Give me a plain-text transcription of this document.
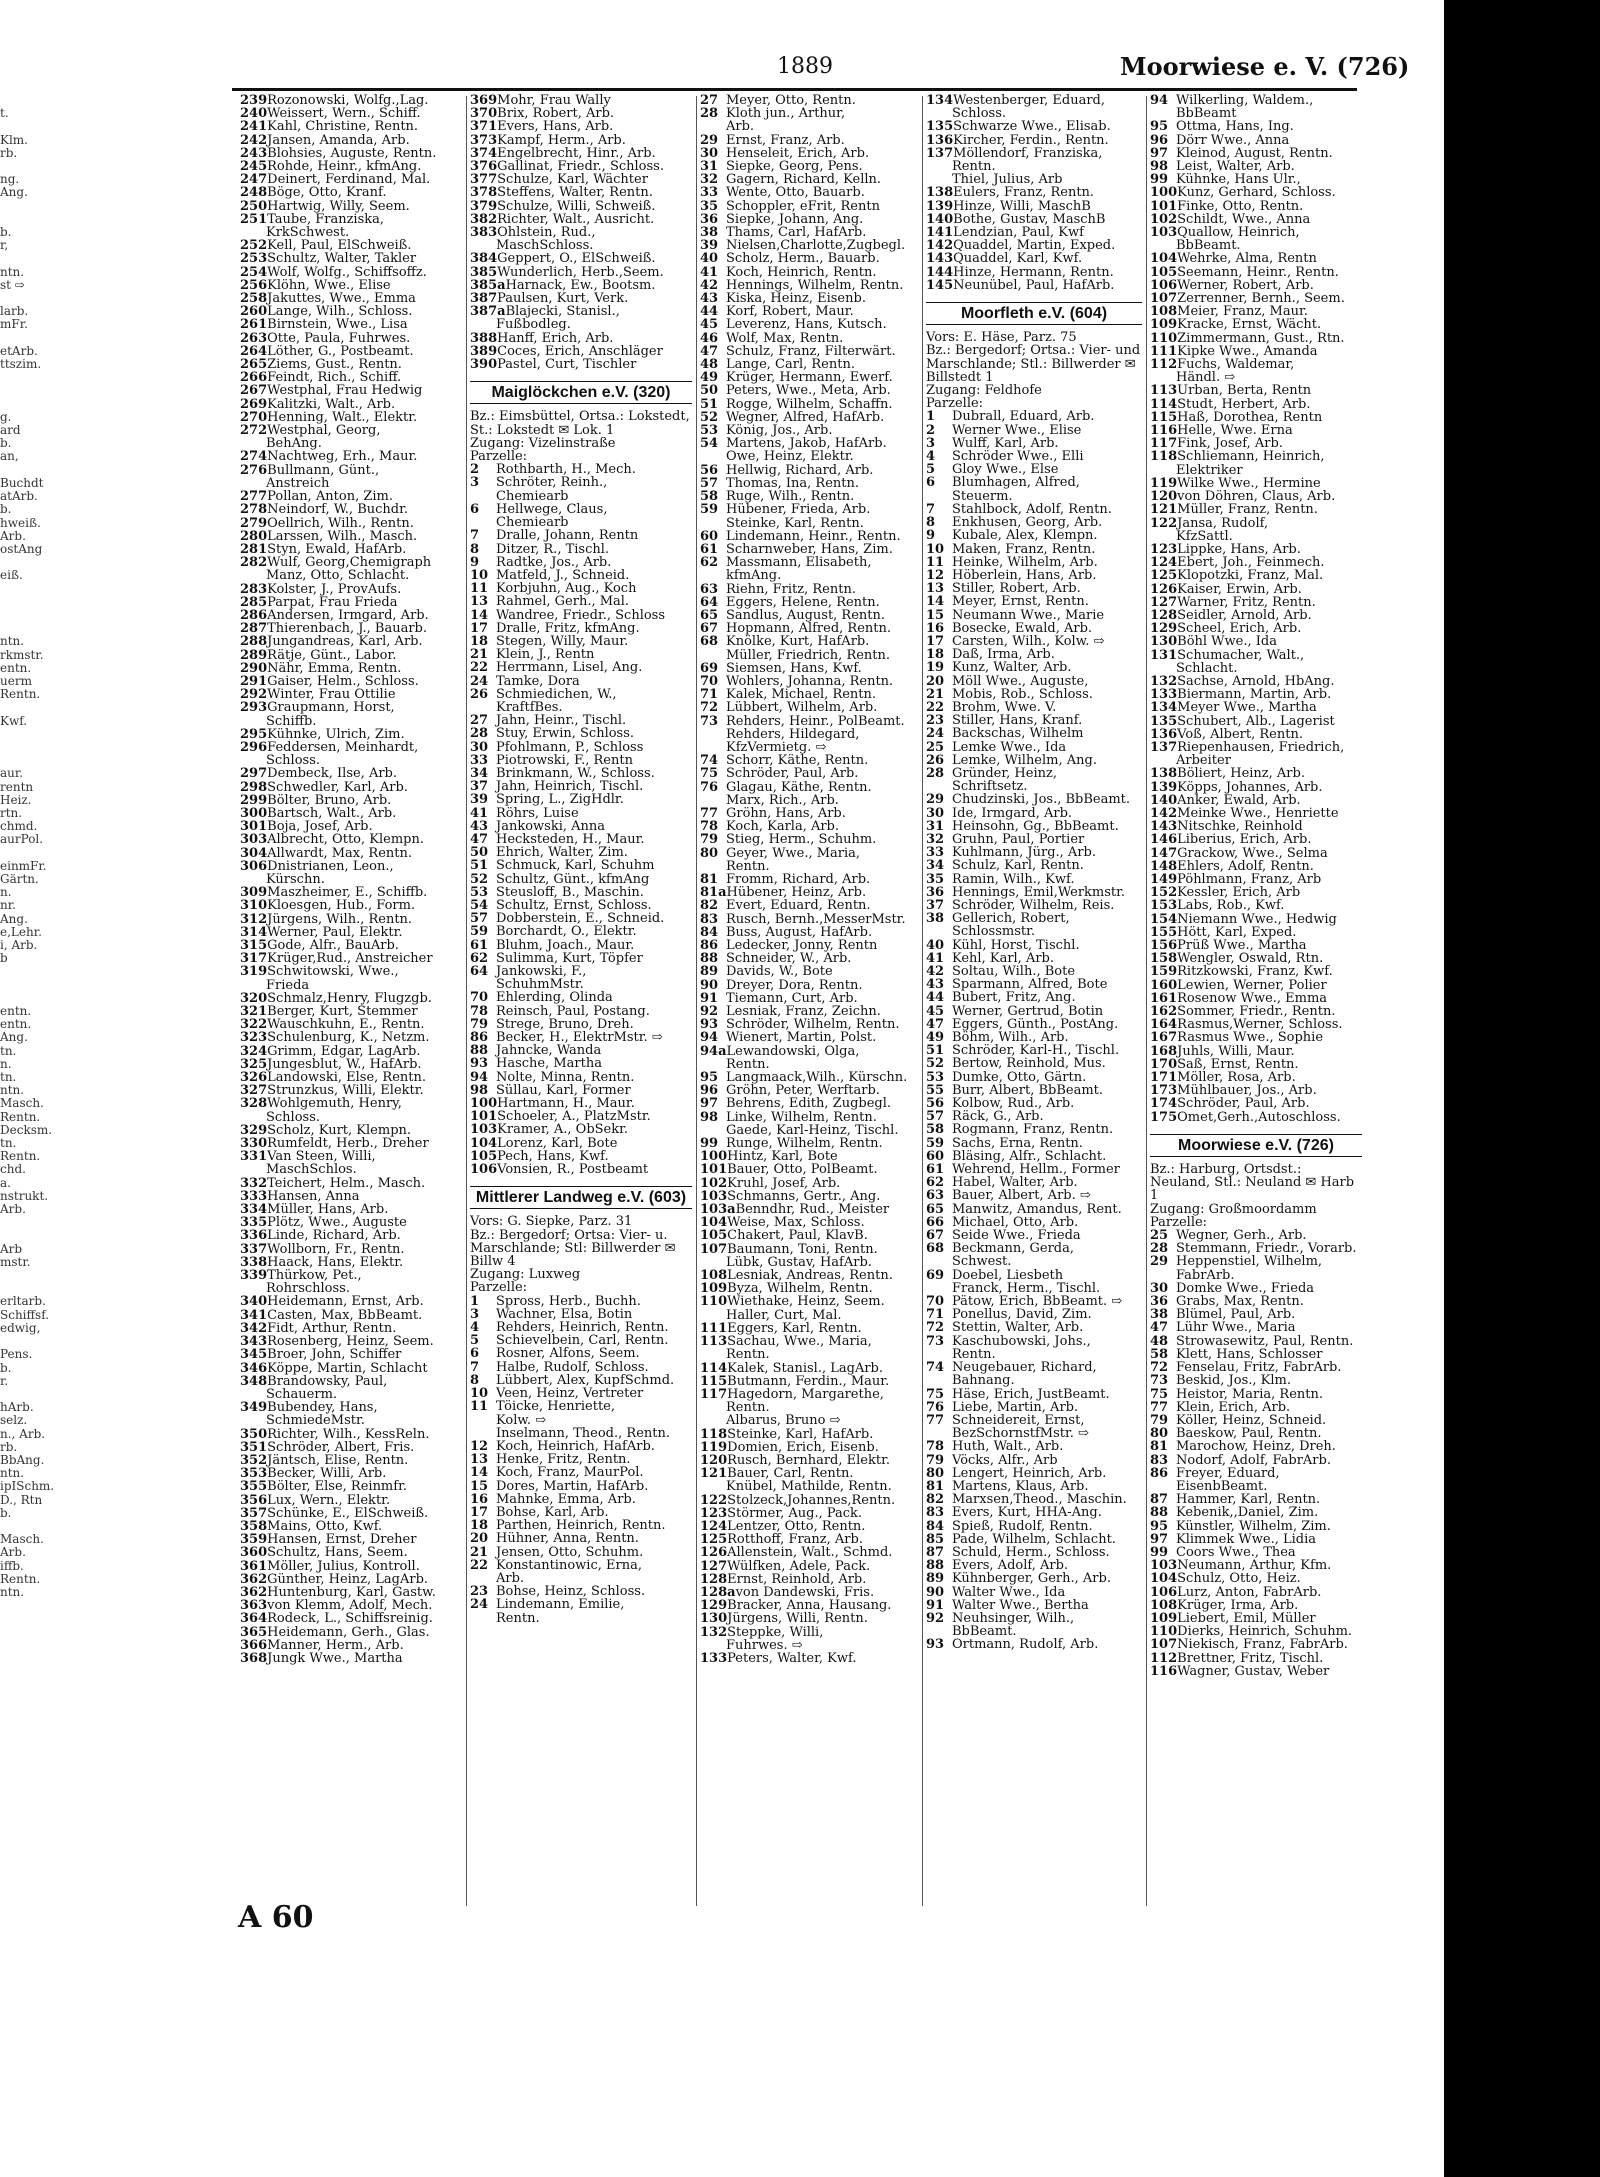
1889	Moorwiese e. V. (726)

t.

Klm.
rb.

ng.
Ang.

b.
r,

ntn.
st ⇨

larb.
mFr.

etArb.
ttszim.

g.
ard
b.
an,

Buchdt
atArb.
b.
hweiß.
Arb.
ostAng

eiß.

ntn.
rkmstr.
entn.
uerm
Rentn.

Kwf.

aur.
rentn
Heiz.
rtn.
chmd.
aurPol.

einmFr.
Gärtn.
n.
nr.
Ang.
e,Lehr.
i, Arb.
b

entn.
entn.
Ang.
tn.
n.
tn.
ntn.
Masch.
Rentn.
Decksm.
tn.
Rentn.
chd.
a.
nstrukt.
Arb.

Arb
mstr.

erltarb.
Schiffsf.
edwig,

Pens.
b.
r.

hArb.
selz.
n., Arb.
rb.
BbAng.
ntn.
ipISchm.
D., Rtn
b.

Masch.
Arb.
iffb.
Rentn.
ntn.
239Rozonowski, Wolfg.,Lag.
240Weissert, Wern., Schiff.
241Kahl, Christine, Rentn.
242Jansen, Amanda, Arb.
243Blohsies, Auguste, Rentn.
245Rohde, Heinr., kfmAng.
247Deinert, Ferdinand, Mal.
248Böge, Otto, Kranf.
250Hartwig, Willy, Seem.
251Taube, Franziska,
KrkSchwest.
252Kell, Paul, ElSchweiß.
253Schultz, Walter, Takler
254Wolf, Wolfg., Schiffsoffz.
256Klöhn, Wwe., Elise
258Jakuttes, Wwe., Emma
260Lange, Wilh., Schloss.
261Birnstein, Wwe., Lisa
263Otte, Paula, Fuhrwes.
264Löther, G., Postbeamt.
265Ziems, Gust., Rentn.
266Feindt, Rich., Schiff.
267Westphal, Frau Hedwig
269Kalitzki, Walt., Arb.
270Henning, Walt., Elektr.
272Westphal, Georg,
BehAng.
274Nachtweg, Erh., Maur.
276Bullmann, Günt.,
Anstreich
277Pollan, Anton, Zim.
278Neindorf, W., Buchdr.
279Oellrich, Wilh., Rentn.
280Larssen, Wilh., Masch.
281Styn, Ewald, HafArb.
282Wulf, Georg,Chemigraph
Manz, Otto, Schlacht.
283Kolster, J., ProvAufs.
285Parpat, Frau Frieda
286Andersen, Irmgard, Arb.
287Thierenbach, J., Bauarb.
288Jungandreas, Karl, Arb.
289Rätje, Günt., Labor.
290Nähr, Emma, Rentn.
291Gaiser, Helm., Schloss.
292Winter, Frau Ottilie
293Graupmann, Horst,
Schiffb.
295Kühnke, Ulrich, Zim.
296Feddersen, Meinhardt,
Schloss.
297Dembeck, Ilse, Arb.
298Schwedler, Karl, Arb.
299Bölter, Bruno, Arb.
300Bartsch, Walt., Arb.
301Boja, Josef, Arb.
303Albrecht, Otto, Klempn.
304Allwardt, Max, Rentn.
306Dnistrianen, Leon.,
Kürschn.
309Maszheimer, E., Schiffb.
310Kloesgen, Hub., Form.
312Jürgens, Wilh., Rentn.
314Werner, Paul, Elektr.
315Gode, Alfr., BauArb.
317Krüger,Rud., Anstreicher
319Schwitowski, Wwe.,
Frieda
320Schmalz,Henry, Flugzgb.
321Berger, Kurt, Stemmer
322Wauschkuhn, E., Rentn.
323Schulenburg, K., Netzm.
324Grimm, Edgar, LagArb.
325Jungesblut, W., HafArb.
326Landowski, Else, Rentn.
327Strunzkus, Willi, Elektr.
328Wohlgemuth, Henry,
Schloss.
329Scholz, Kurt, Klempn.
330Rumfeldt, Herb., Dreher
331Van Steen, Willi,
MaschSchlos.
332Teichert, Helm., Masch.
333Hansen, Anna
334Müller, Hans, Arb.
335Plötz, Wwe., Auguste
336Linde, Richard, Arb.
337Wollborn, Fr., Rentn.
338Haack, Hans, Elektr.
339Thürkow, Pet.,
Rohrschloss.
340Heidemann, Ernst, Arb.
341Casten, Max, BbBeamt.
342Fidt, Arthur, Rentn.
343Rosenberg, Heinz, Seem.
345Broer, John, Schiffer
346Köppe, Martin, Schlacht
348Brandowsky, Paul,
Schauerm.
349Bubendey, Hans,
SchmiedeMstr.
350Richter, Wilh., KessReln.
351Schröder, Albert, Fris.
352Jäntsch, Elise, Rentn.
353Becker, Willi, Arb.
355Bölter, Else, Reinmfr.
356Lux, Wern., Elektr.
357Schünke, E., ElSchweiß.
358Mains, Otto, Kwf.
359Hansen, Ernst, Dreher
360Schultz, Hans, Seem.
361Möller, Julius, Kontroll.
362Günther, Heinz, LagArb.
362Huntenburg, Karl, Gastw.
363von Klemm, Adolf, Mech.
364Rodeck, L., Schiffsreinig.
365Heidemann, Gerh., Glas.
366Manner, Herm., Arb.
368Jungk Wwe., Martha
369Mohr, Frau Wally
370Brix, Robert, Arb.
371Evers, Hans, Arb.
373Kampf, Herm., Arb.
374Engelbrecht, Hinr., Arb.
376Gallinat, Friedr., Schloss.
377Schulze, Karl, Wächter
378Steffens, Walter, Rentn.
379Schulze, Willi, Schweiß.
382Richter, Walt., Ausricht.
383Ohlstein, Rud.,
MaschSchloss.
384Geppert, O., ElSchweiß.
385Wunderlich, Herb.,Seem.
385aHarnack, Ew., Bootsm.
387Paulsen, Kurt, Verk.
387aBlajecki, Stanisl.,
Fußbodleg.
388Hanff, Erich, Arb.
389Coces, Erich, Anschläger
390Pastel, Curt, Tischler
Maiglöckchen e.V. (320)
Bz.: Eimsbüttel, Ortsa.: Lokstedt, St.: Lokstedt ✉ Lok. 1
Zugang: Vizelinstraße
Parzelle:
2 Rothbarth, H., Mech.
3 Schröter, Reinh.,
Chemiearb
6 Hellwege, Claus,
Chemiearb
7 Dralle, Johann, Rentn
8 Ditzer, R., Tischl.
9 Radtke, Jos., Arb.
10 Matfeld, J., Schneid.
11 Korbjuhn, Aug., Koch
13 Rahmel, Gerh., Mal.
14 Wandree, Friedr., Schloss
17 Dralle, Fritz, kfmAng.
18 Stegen, Willy, Maur.
21 Klein, J., Rentn
22 Herrmann, Lisel, Ang.
24 Tamke, Dora
26 Schmiedichen, W.,
KraftfBes.
27 Jahn, Heinr., Tischl.
28 Stuy, Erwin, Schloss.
30 Pfohlmann, P., Schloss
33 Piotrowski, F., Rentn
34 Brinkmann, W., Schloss.
37 Jahn, Heinrich, Tischl.
39 Spring, L., ZigHdlr.
41 Röhrs, Luise
43 Jankowski, Anna
47 Hecksteden, H., Maur.
50 Ehrich, Walter, Zim.
51 Schmuck, Karl, Schuhm
52 Schultz, Günt., kfmAng
53 Steusloff, B., Maschin.
54 Schultz, Ernst, Schloss.
57 Dobberstein, E., Schneid.
59 Borchardt, O., Elektr.
61 Bluhm, Joach., Maur.
62 Sulimma, Kurt, Töpfer
64 Jankowski, F.,
SchuhmMstr.
70 Ehlerding, Olinda
78 Reinsch, Paul, Postang.
79 Strege, Bruno, Dreh.
86 Becker, H., ElektrMstr. ⇨
88 Jahncke, Wanda
93 Hasche, Martha
94 Nolte, Minna, Rentn.
98 Süllau, Karl, Former
100Hartmann, H., Maur.
101Schoeler, A., PlatzMstr.
103Kramer, A., ObSekr.
104Lorenz, Karl, Bote
105Pech, Hans, Kwf.
106Vonsien, R., Postbeamt
Mittlerer Landweg e.V. (603)
Vors: G. Siepke, Parz. 31
Bz.: Bergedorf; Ortsa: Vier- u. Marschlande; Stl: Billwerder ✉ Billw 4
Zugang: Luxweg
Parzelle:
1 Spross, Herb., Buchh.
3 Wachner, Elsa, Botin
4 Rehders, Heinrich, Rentn.
5 Schievelbein, Carl, Rentn.
6 Rosner, Alfons, Seem.
7 Halbe, Rudolf, Schloss.
8 Lübbert, Alex, KupfSchmd.
10 Veen, Heinz, Vertreter
11 Töicke, Henriette,
Kolw. ⇨
Inselmann, Theod., Rentn.
12 Koch, Heinrich, HafArb.
13 Henke, Fritz, Rentn.
14 Koch, Franz, MaurPol.
15 Dores, Martin, HafArb.
16 Mahnke, Emma, Arb.
17 Bohse, Karl, Arb.
18 Parthen, Heinrich, Rentn.
20 Hühner, Anna, Rentn.
21 Jensen, Otto, Schuhm.
22 Konstantinowic, Erna,
Arb.
23 Bohse, Heinz, Schloss.
24 Lindemann, Emilie,
Rentn.
27 Meyer, Otto, Rentn.
28 Kloth jun., Arthur,
Arb.
29 Ernst, Franz, Arb.
30 Henseleit, Erich, Arb.
31 Siepke, Georg, Pens.
32 Gagern, Richard, Kelln.
33 Wente, Otto, Bauarb.
35 Schoppler, eFrit, Rentn
36 Siepke, Johann, Ang.
38 Thams, Carl, HafArb.
39 Nielsen,Charlotte,Zugbegl.
40 Scholz, Herm., Bauarb.
41 Koch, Heinrich, Rentn.
42 Hennings, Wilhelm, Rentn.
43 Kiska, Heinz, Eisenb.
44 Korf, Robert, Maur.
45 Leverenz, Hans, Kutsch.
46 Wolf, Max, Rentn.
47 Schulz, Franz, Filterwärt.
48 Lange, Carl, Rentn.
49 Krüger, Hermann, Ewerf.
50 Peters, Wwe., Meta, Arb.
51 Rogge, Wilhelm, Schaffn.
52 Wegner, Alfred, HafArb.
53 König, Jos., Arb.
54 Martens, Jakob, HafArb.
Owe, Heinz, Elektr.
56 Hellwig, Richard, Arb.
57 Thomas, Ina, Rentn.
58 Ruge, Wilh., Rentn.
59 Hübener, Frieda, Arb.
Steinke, Karl, Rentn.
60 Lindemann, Heinr., Rentn.
61 Scharnweber, Hans, Zim.
62 Massmann, Elisabeth,
kfmAng.
63 Riehn, Fritz, Rentn.
64 Eggers, Helene, Rentn.
65 Sandlus, August, Rentn.
67 Hopmann, Alfred, Rentn.
68 Knölke, Kurt, HafArb.
Müller, Friedrich, Rentn.
69 Siemsen, Hans, Kwf.
70 Wohlers, Johanna, Rentn.
71 Kalek, Michael, Rentn.
72 Lübbert, Wilhelm, Arb.
73 Rehders, Heinr., PolBeamt.
Rehders, Hildegard,
KfzVermietg. ⇨
74 Schorr, Käthe, Rentn.
75 Schröder, Paul, Arb.
76 Glagau, Käthe, Rentn.
Marx, Rich., Arb.
77 Gröhn, Hans, Arb.
78 Koch, Karla, Arb.
79 Stieg, Herm., Schuhm.
80 Geyer, Wwe., Maria,
Rentn.
81 Fromm, Richard, Arb.
81aHübener, Heinz, Arb.
82 Evert, Eduard, Rentn.
83 Rusch, Bernh.,MesserMstr.
84 Buss, August, HafArb.
86 Ledecker, Jonny, Rentn
88 Schneider, W., Arb.
89 Davids, W., Bote
90 Dreyer, Dora, Rentn.
91 Tiemann, Curt, Arb.
92 Lesniak, Franz, Zeichn.
93 Schröder, Wilhelm, Rentn.
94 Wienert, Martin, Polst.
94aLewandowski, Olga,
Rentn.
95 Langmaack,Wilh., Kürschn.
96 Gröhn, Peter, Werftarb.
97 Behrens, Edith, Zugbegl.
98 Linke, Wilhelm, Rentn.
Gaede, Karl-Heinz, Tischl.
99 Runge, Wilhelm, Rentn.
100Hintz, Karl, Bote
101Bauer, Otto, PolBeamt.
102Kruhl, Josef, Arb.
103Schmanns, Gertr., Ang.
103aBenndhr, Rud., Meister
104Weise, Max, Schloss.
105Chakert, Paul, KlavB.
107Baumann, Toni, Rentn.
Lübk, Gustav, HafArb.
108Lesniak, Andreas, Rentn.
109Byza, Wilhelm, Rentn.
110Wiethake, Heinz, Seem.
Haller, Curt, Mal.
111Eggers, Karl, Rentn.
113Sachau, Wwe., Maria,
Rentn.
114Kalek, Stanisl., LagArb.
115Butmann, Ferdin., Maur.
117Hagedorn, Margarethe,
Rentn.
Albarus, Bruno ⇨
118Steinke, Karl, HafArb.
119Domien, Erich, Eisenb.
120Rusch, Bernhard, Elektr.
121Bauer, Carl, Rentn.
Knübel, Mathilde, Rentn.
122Stolzeck,Johannes,Rentn.
123Störmer, Aug., Pack.
124Lentzer, Otto, Rentn.
125Rotthoff, Franz, Arb.
126Allenstein, Walt., Schmd.
127Wülfken, Adele, Pack.
128Ernst, Reinhold, Arb.
128avon Dandewski, Fris.
129Bracker, Anna, Hausang.
130Jürgens, Willi, Rentn.
132Steppke, Willi,
Fuhrwes. ⇨
133Peters, Walter, Kwf.
134Westenberger, Eduard,
Schloss.
135Schwarze Wwe., Elisab.
136Kircher, Ferdin., Rentn.
137Möllendorf, Franziska,
Rentn.
Thiel, Julius, Arb
138Eulers, Franz, Rentn.
139Hinze, Willi, MaschB
140Bothe, Gustav, MaschB
141Lendzian, Paul, Kwf
142Quaddel, Martin, Exped.
143Quaddel, Karl, Kwf.
144Hinze, Hermann, Rentn.
145Neunübel, Paul, HafArb.
Moorfleth e.V. (604)
Vors: E. Häse, Parz. 75
Bz.: Bergedorf; Ortsa.: Vier- und Marschlande; Stl.: Billwerder ✉ Billstedt 1
Zugang: Feldhofe
Parzelle:
1 Dubrall, Eduard, Arb.
2 Werner Wwe., Elise
3 Wulff, Karl, Arb.
4 Schröder Wwe., Elli
5 Gloy Wwe., Else
6 Blumhagen, Alfred,
Steuerm.
7 Stahlbock, Adolf, Rentn.
8 Enkhusen, Georg, Arb.
9 Kubale, Alex, Klempn.
10 Maken, Franz, Rentn.
11 Heinke, Wilhelm, Arb.
12 Höberlein, Hans, Arb.
13 Stiller, Robert, Arb.
14 Meyer, Ernst, Rentn.
15 Neumann Wwe., Marie
16 Bosecke, Ewald, Arb.
17 Carsten, Wilh., Kolw. ⇨
18 Daß, Irma, Arb.
19 Kunz, Walter, Arb.
20 Möll Wwe., Auguste,
21 Mobis, Rob., Schloss.
22 Brohm, Wwe. V.
23 Stiller, Hans, Kranf.
24 Backschas, Wilhelm
25 Lemke Wwe., Ida
26 Lemke, Wilhelm, Ang.
28 Gründer, Heinz,
Schriftsetz.
29 Chudzinski, Jos., BbBeamt.
30 Ide, Irmgard, Arb.
31 Heinsohn, Gg., BbBeamt.
32 Gruhn, Paul, Portier
33 Kuhlmann, Jürg., Arb.
34 Schulz, Karl, Rentn.
35 Ramin, Wilh., Kwf.
36 Hennings, Emil,Werkmstr.
37 Schröder, Wilhelm, Reis.
38 Gellerich, Robert,
Schlossmstr.
40 Kühl, Horst, Tischl.
41 Kehl, Karl, Arb.
42 Soltau, Wilh., Bote
43 Sparmann, Alfred, Bote
44 Bubert, Fritz, Ang.
45 Werner, Gertrud, Botin
47 Eggers, Günth., PostAng.
49 Böhm, Wilh., Arb.
51 Schröder, Karl-H., Tischl.
52 Bertow, Reinhold, Mus.
53 Dumke, Otto, Gärtn.
55 Burr, Albert, BbBeamt.
56 Kolbow, Rud., Arb.
57 Räck, G., Arb.
58 Rogmann, Franz, Rentn.
59 Sachs, Erna, Rentn.
60 Bläsing, Alfr., Schlacht.
61 Wehrend, Hellm., Former
62 Habel, Walter, Arb.
63 Bauer, Albert, Arb. ⇨
65 Manwitz, Amandus, Rent.
66 Michael, Otto, Arb.
67 Seide Wwe., Frieda
68 Beckmann, Gerda,
Schwest.
69 Doebel, Liesbeth
Franck, Herm., Tischl.
70 Pätow, Erich, BbBeamt. ⇨
71 Ponellus, David, Zim.
72 Stettin, Walter, Arb.
73 Kaschubowski, Johs.,
Rentn.
74 Neugebauer, Richard,
Bahnang.
75 Häse, Erich, JustBeamt.
76 Liebe, Martin, Arb.
77 Schneidereit, Ernst,
BezSchornstfMstr. ⇨
78 Huth, Walt., Arb.
79 Vöcks, Alfr., Arb
80 Lengert, Heinrich, Arb.
81 Martens, Klaus, Arb.
82 Marxsen,Theod., Maschin.
83 Evers, Kurt, HHA-Ang.
84 Spieß, Rudolf, Rentn.
85 Pade, Wilhelm, Schlacht.
87 Schuld, Herm., Schloss.
88 Evers, Adolf, Arb.
89 Kühnberger, Gerh., Arb.
90 Walter Wwe., Ida
91 Walter Wwe., Bertha
92 Neuhsinger, Wilh.,
BbBeamt.
93 Ortmann, Rudolf, Arb.
94 Wilkerling, Waldem.,
BbBeamt
95 Ottma, Hans, Ing.
96 Dörr Wwe., Anna
97 Kleinod, August, Rentn.
98 Leist, Walter, Arb.
99 Kühnke, Hans Ulr.,
100Kunz, Gerhard, Schloss.
101Finke, Otto, Rentn.
102Schildt, Wwe., Anna
103Quallow, Heinrich,
BbBeamt.
104Wehrke, Alma, Rentn
105Seemann, Heinr., Rentn.
106Werner, Robert, Arb.
107Zerrenner, Bernh., Seem.
108Meier, Franz, Maur.
109Kracke, Ernst, Wächt.
110Zimmermann, Gust., Rtn.
111Kipke Wwe., Amanda
112Fuchs, Waldemar,
Händl. ⇨
113Urban, Berta, Rentn
114Studt, Herbert, Arb.
115Haß, Dorothea, Rentn
116Helle, Wwe. Erna
117Fink, Josef, Arb.
118Schliemann, Heinrich,
Elektriker
119Wilke Wwe., Hermine
120von Döhren, Claus, Arb.
121Müller, Franz, Rentn.
122Jansa, Rudolf,
KfzSattl.
123Lippke, Hans, Arb.
124Ebert, Joh., Feinmech.
125Klopotzki, Franz, Mal.
126Kaiser, Erwin, Arb.
127Warner, Fritz, Rentn.
128Seidler, Arnold, Arb.
129Scheel, Erich, Arb.
130Böhl Wwe., Ida
131Schumacher, Walt.,
Schlacht.
132Sachse, Arnold, HbAng.
133Biermann, Martin, Arb.
134Meyer Wwe., Martha
135Schubert, Alb., Lagerist
136Voß, Albert, Rentn.
137Riepenhausen, Friedrich,
Arbeiter
138Böliert, Heinz, Arb.
139Köpps, Johannes, Arb.
140Anker, Ewald, Arb.
142Meinke Wwe., Henriette
143Nitschke, Reinhold
146Liberius, Erich, Arb.
147Grackow, Wwe., Selma
148Ehlers, Adolf, Rentn.
149Pöhlmann, Franz, Arb
152Kessler, Erich, Arb
153Labs, Rob., Kwf.
154Niemann Wwe., Hedwig
155Hött, Karl, Exped.
156Prüß Wwe., Martha
158Wengler, Oswald, Rtn.
159Ritzkowski, Franz, Kwf.
160Lewien, Werner, Polier
161Rosenow Wwe., Emma
162Sommer, Friedr., Rentn.
164Rasmus,Werner, Schloss.
167Rasmus Wwe., Sophie
168Juhls, Willi, Maur.
170Saß, Ernst, Rentn.
171Möller, Rosa, Arb.
173Mühlbauer, Jos., Arb.
174Schröder, Paul, Arb.
175Omet,Gerh.,Autoschloss.
Moorwiese e.V. (726)
Bz.: Harburg, Ortsdst.: Neuland, Stl.: Neuland ✉ Harb 1
Zugang: Großmoordamm
Parzelle:
25 Wegner, Gerh., Arb.
28 Stemmann, Friedr., Vorarb.
29 Heppenstiel, Wilhelm,
FabrArb.
30 Domke Wwe., Frieda
36 Grabs, Max, Rentn.
38 Blümel, Paul, Arb.
47 Lühr Wwe., Maria
48 Strowasewitz, Paul, Rentn.
58 Klett, Hans, Schlosser
72 Fenselau, Fritz, FabrArb.
73 Beskid, Jos., Klm.
75 Heistor, Maria, Rentn.
77 Klein, Erich, Arb.
79 Köller, Heinz, Schneid.
80 Baeskow, Paul, Rentn.
81 Marochow, Heinz, Dreh.
83 Nodorf, Adolf, FabrArb.
86 Freyer, Eduard,
EisenbBeamt.
87 Hammer, Karl, Rentn.
88 Kebenik,,Daniel, Zim.
95 Künstler, Wilhelm, Zim.
97 Klimmek Wwe., Lidia
99 Coors Wwe., Thea
103Neumann, Arthur, Kfm.
104Schulz, Otto, Heiz.
106Lurz, Anton, FabrArb.
108Krüger, Irma, Arb.
109Liebert, Emil, Müller
110Dierks, Heinrich, Schuhm.
107Niekisch, Franz, FabrArb.
112Brettner, Fritz, Tischl.
116Wagner, Gustav, Weber
A 60
